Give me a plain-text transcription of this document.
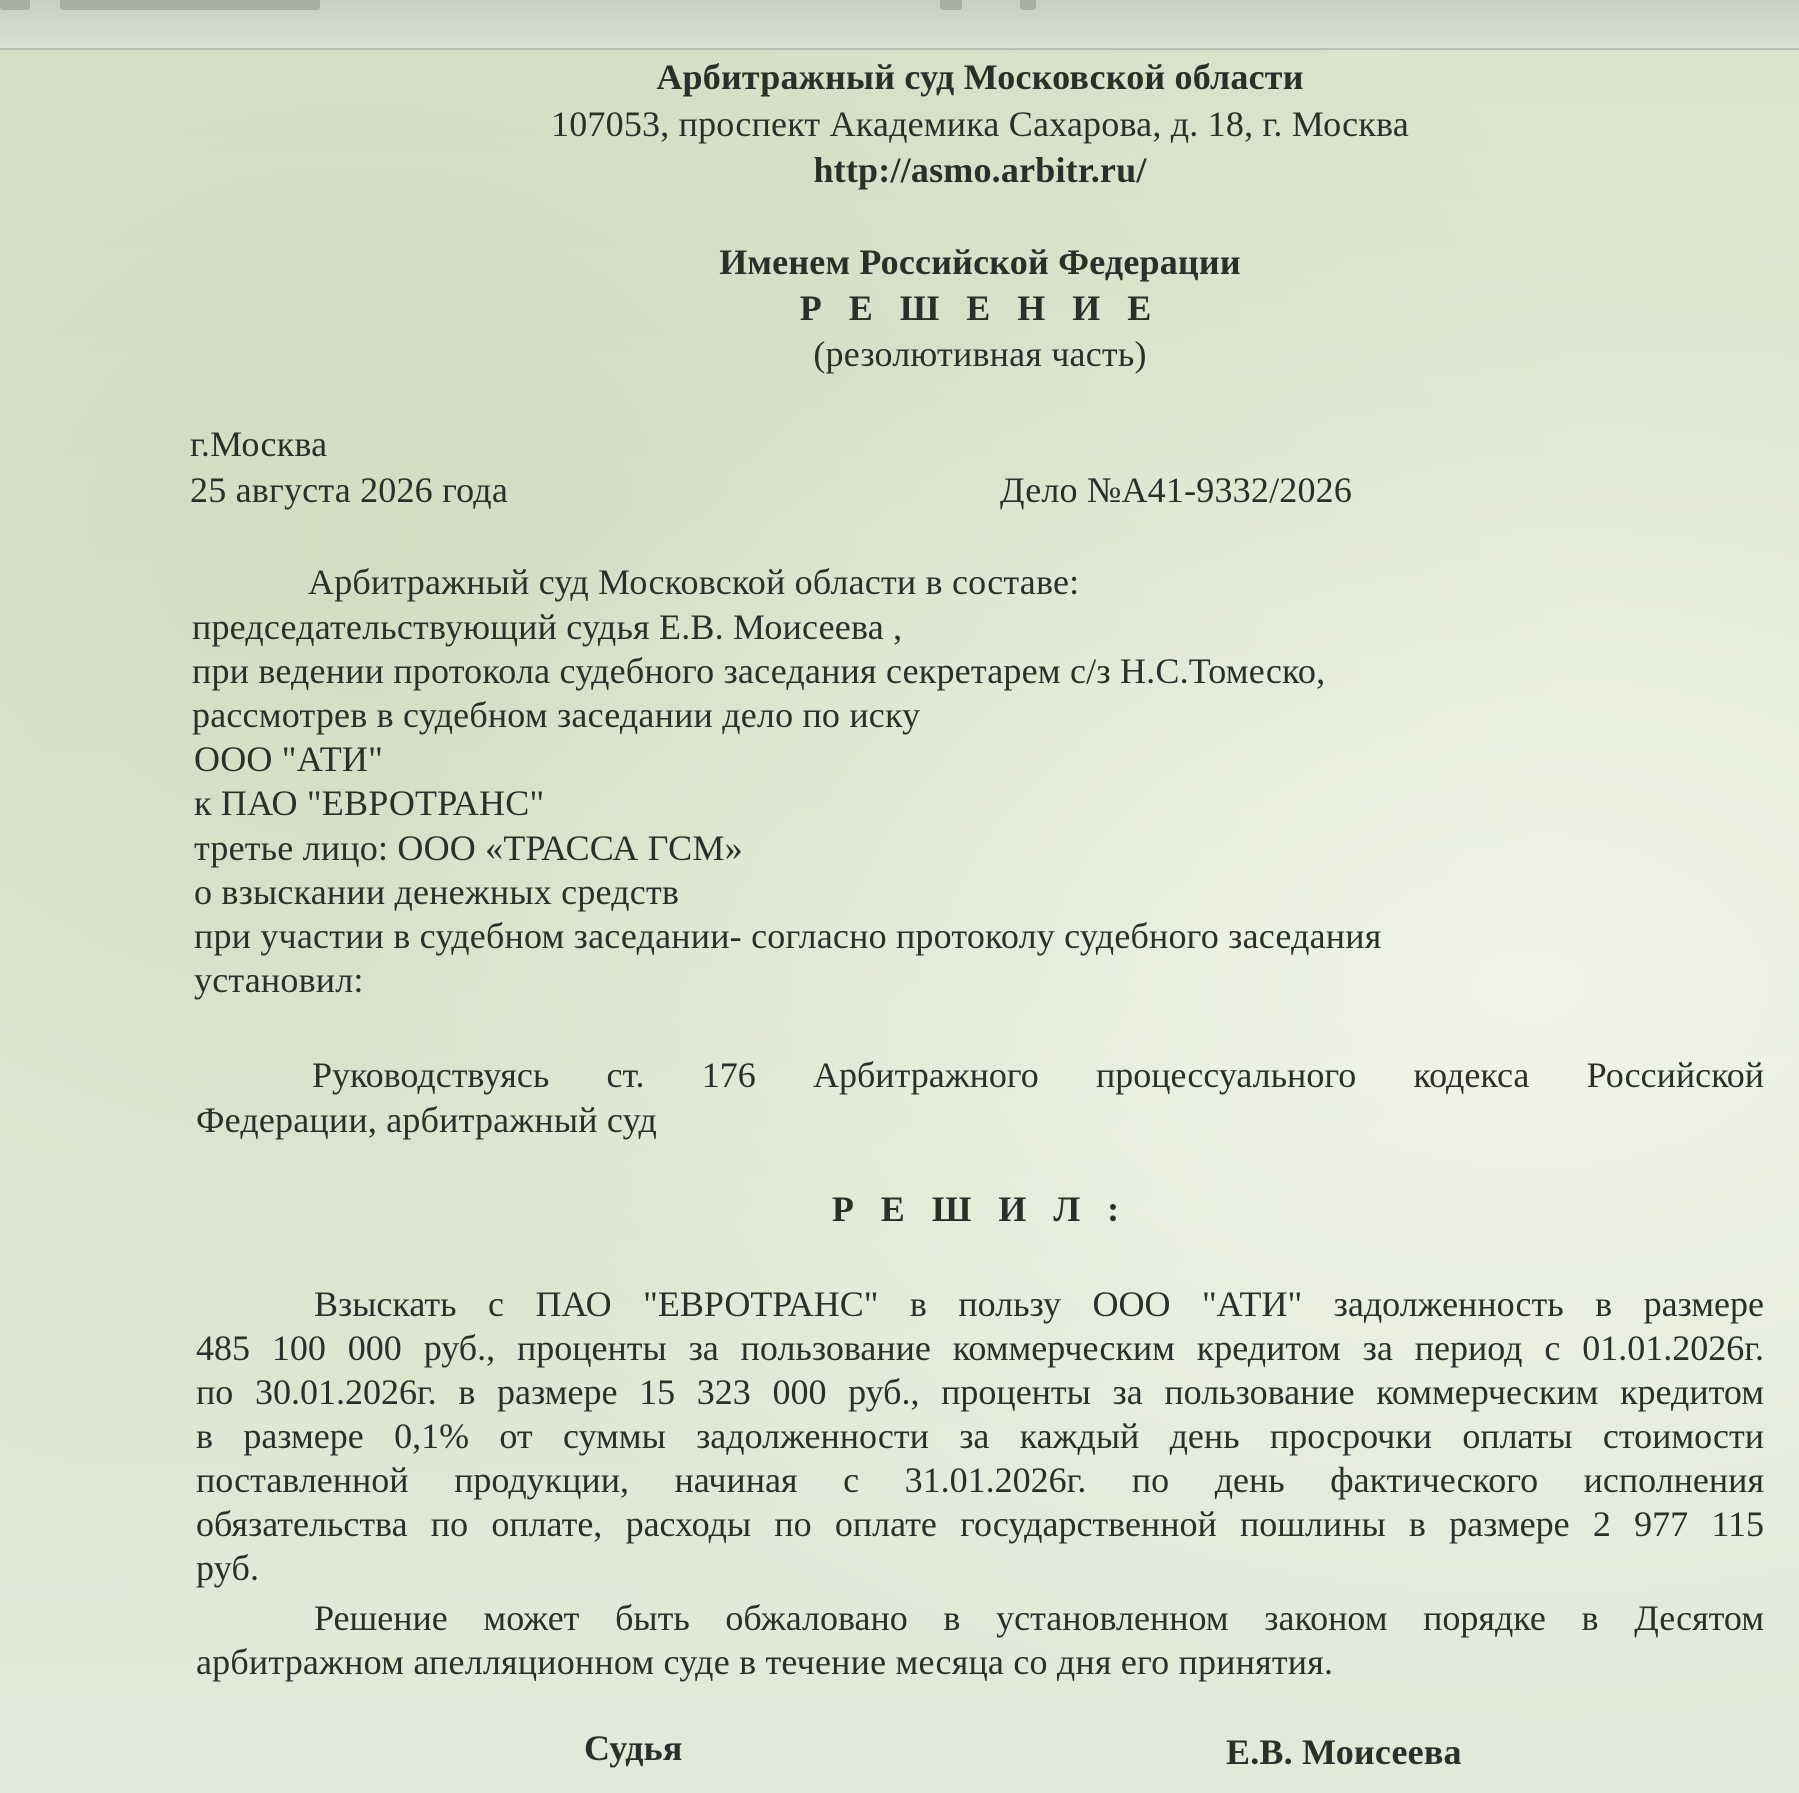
Арбитражный суд Московской области
107053, проспект Академика Сахарова, д. 18, г. Москва
http://asmo.arbitr.ru/
Именем Российской Федерации
Р Е Ш Е Н И Е
(резолютивная часть)
г.Москва
25 августа 2026 года	Дело №А41-9332/2026
Арбитражный суд Московской области в составе:
председательствующий судья Е.В. Моисеева ,
при ведении протокола судебного заседания секретарем с/з Н.С.Томеско,
рассмотрев в судебном заседании дело по иску
ООО "АТИ"
к ПАО "ЕВРОТРАНС"
третье лицо: ООО «ТРАССА ГСМ»
о взыскании денежных средств
при участии в судебном заседании- согласно протоколу судебного заседания
установил:
Руководствуясь ст. 176 Арбитражного процессуального кодекса Российской
Федерации, арбитражный суд
Р Е Ш И Л :
Взыскать с ПАО "ЕВРОТРАНС" в пользу ООО "АТИ" задолженность в размере
485 100 000 руб., проценты за пользование коммерческим кредитом за период с 01.01.2026г.
по 30.01.2026г. в размере 15 323 000 руб., проценты за пользование коммерческим кредитом
в размере 0,1% от суммы задолженности за каждый день просрочки оплаты стоимости
поставленной продукции, начиная с 31.01.2026г. по день фактического исполнения
обязательства по оплате, расходы по оплате государственной пошлины в размере 2 977 115
руб.
Решение может быть обжаловано в установленном законом порядке в Десятом
арбитражном апелляционном суде в течение месяца со дня его принятия.
Судья	Е.В. Моисеева
